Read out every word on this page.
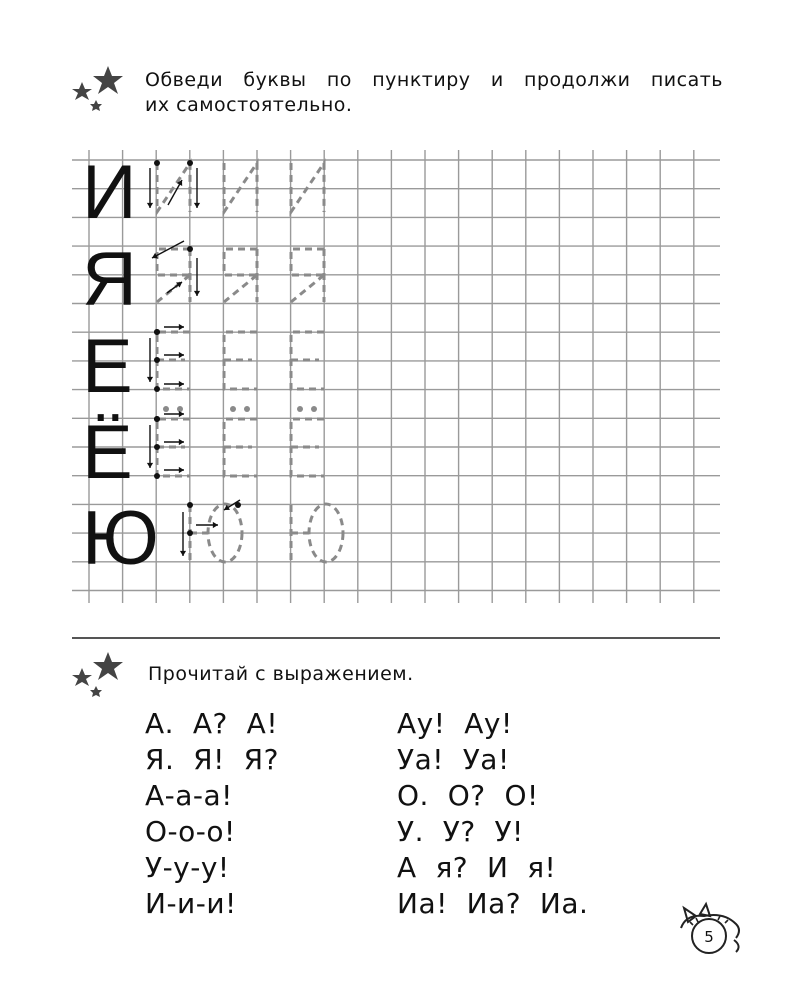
Обведи буквы по пунктиру и продолжи писать
их самостоятельно.
И
Я
Е
Ё
Ю
Прочитай с выражением.
А.  А?  А!
Я.  Я!  Я?
А-а-а!
О-о-о!
У-у-у!
И-и-и!
Ау!  Ау!
Уа!  Уа!
О.  О?  О!
У.  У?  У!
А  я?  И  я!
Иа!  Иа?  Иа.
5
